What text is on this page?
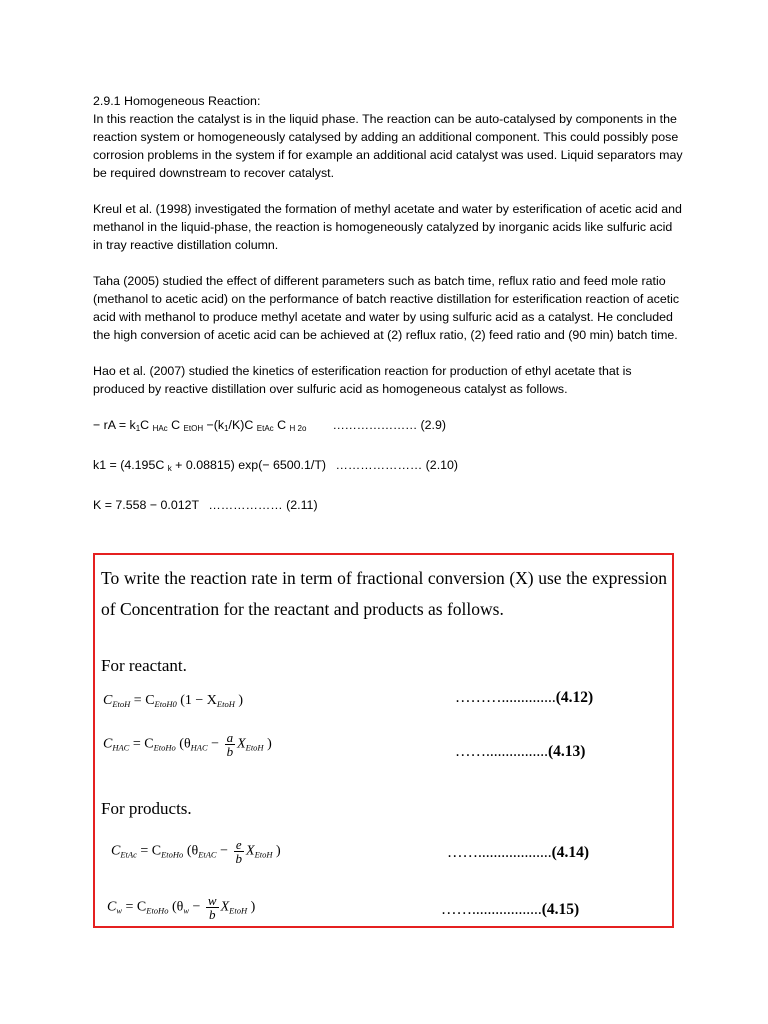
2.9.1 Homogeneous Reaction:

In this reaction the catalyst is in the liquid phase. The reaction can be auto-catalysed by components in the reaction system or homogeneously catalysed by adding an additional component. This could possibly pose corrosion problems in the system if for example an additional acid catalyst was used. Liquid separators may be required downstream to recover catalyst.

Kreul et al. (1998) investigated the formation of methyl acetate and water by esterification of acetic acid and methanol in the liquid-phase, the reaction is homogeneously catalyzed by inorganic acids like sulfuric acid in tray reactive distillation column.

Taha (2005) studied the effect of different parameters such as batch time, reflux ratio and feed mole ratio (methanol to acetic acid) on the performance of batch reactive distillation for esterification reaction of acetic acid with methanol to produce methyl acetate and water by using sulfuric acid as a catalyst. He concluded the high conversion of acetic acid can be achieved at (2) reflux ratio, (2) feed ratio and (90 min) batch time.

Hao et al. (2007) studied the kinetics of esterification reaction for production of ethyl acetate that is produced by reactive distillation over sulfuric acid as homogeneous catalyst as follows.

− rA = $k_1C$ $_{HAc}$ C $_{EtOH} -(k_1/K)C$ $_{EtAc}$ C $_{H 2o}$ ………………… (2.9)

k1 = (4.195C $_k$ + 0.08815) exp(− 6500.1/T) ………………… (2.10)

K = 7.558 − 0.012T ……………… (2.11)

To write the reaction rate in term of fractional conversion (X) use the expression of Concentration for the reactant and products as follows.
For reactant.
$C_{EtoH} = C_{EtoH0}$ ($1 - X_{EtoH}$ )	………..............(4.12)
$C_{HAC} = C_{EtoHo}$ ($\theta_{HAC} - \frac{a}{b} X_{EtoH}$ )	……................(4.13)
For products.
$C_{EtAc} = C_{EtoHo}$ ($\theta_{EtAC} - \frac{e}{b} X_{EtoH}$ )	……...................(4.14)
$C_w = C_{EtoHo}$ ($\theta_w - \frac{w}{b} X_{EtoH}$ )	……..................(4.15)
